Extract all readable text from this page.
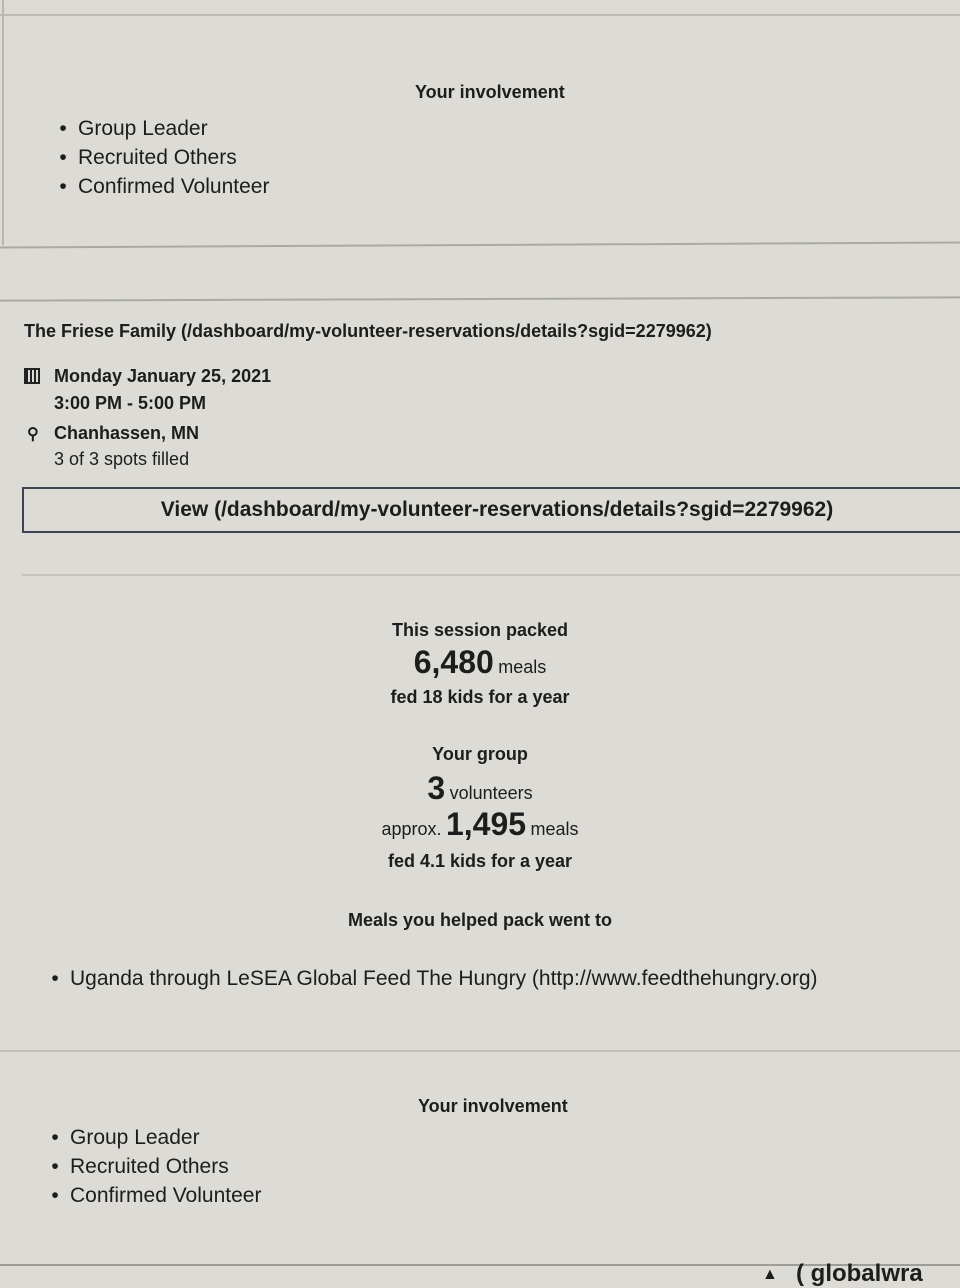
Your involvement
• Group Leader
• Recruited Others
• Confirmed Volunteer
The Friese Family (/dashboard/my-volunteer-reservations/details?sgid=2279962)
Monday January 25, 2021
3:00 PM - 5:00 PM
⚲ Chanhassen, MN
3 of 3 spots filled
View (/dashboard/my-volunteer-reservations/details?sgid=2279962)
This session packed
6,480 meals
fed 18 kids for a year
Your group
3 volunteers
approx. 1,495 meals
fed 4.1 kids for a year
Meals you helped pack went to
• Uganda through LeSEA Global Feed The Hungry (http://www.feedthehungry.org)
Your involvement
• Group Leader
• Recruited Others
• Confirmed Volunteer
▲ ( globalwra
